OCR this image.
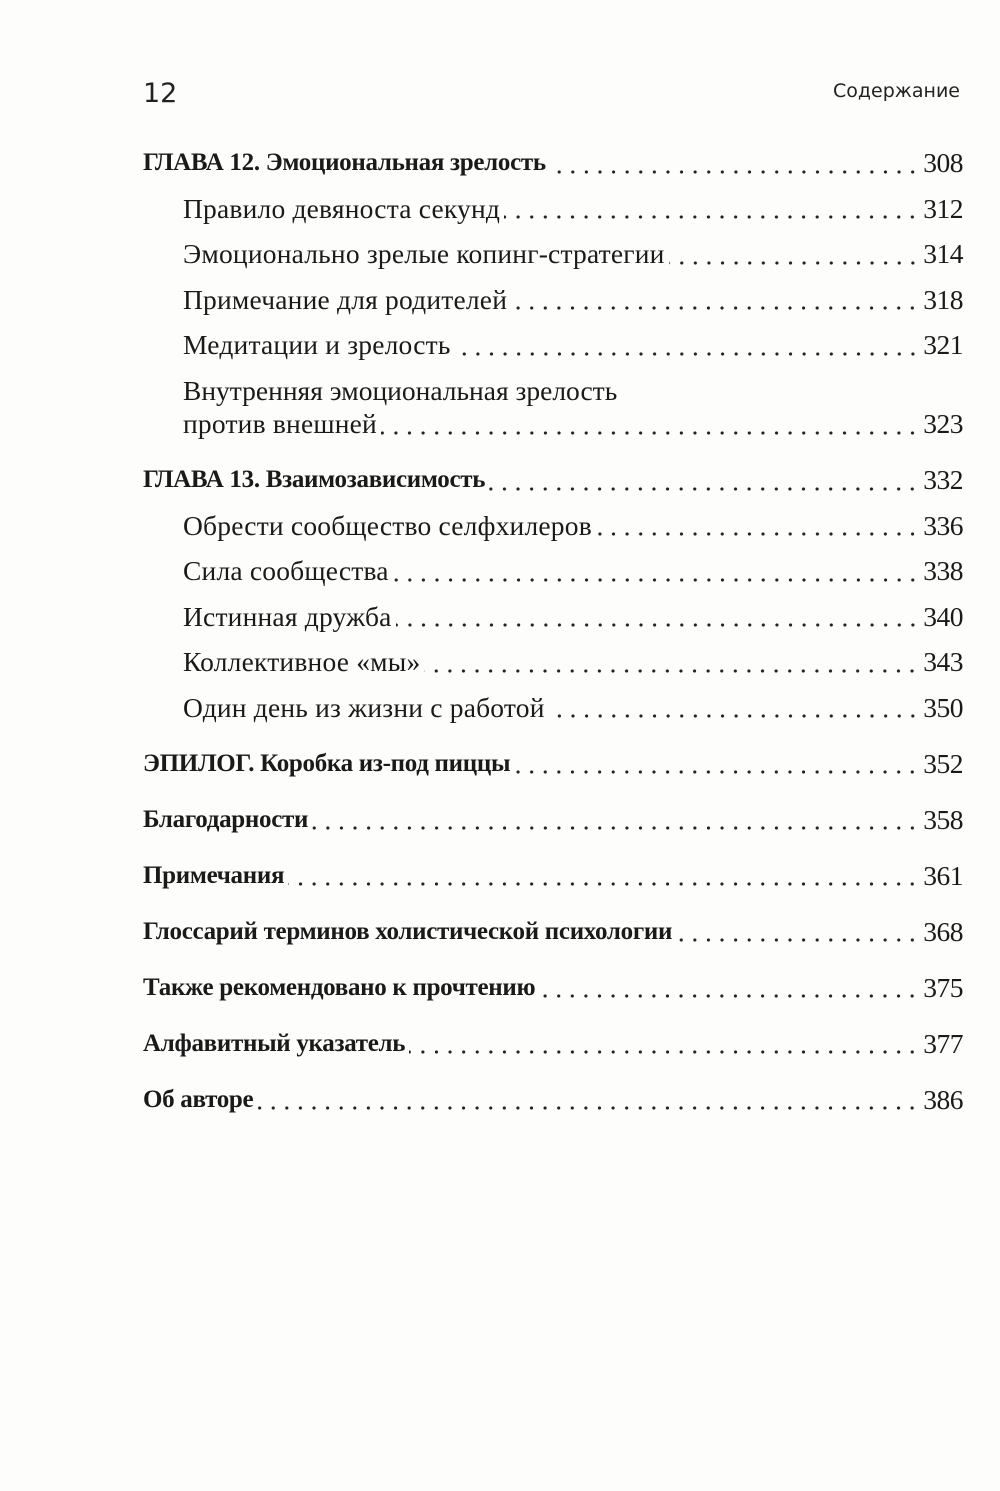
12	Содержание
ГЛАВА 12. Эмоциональная зрелость	308
Правило девяноста секунд	312
Эмоционально зрелые копинг-стратегии	314
Примечание для родителей	318
Медитации и зрелость	321
Внутренняя эмоциональная зрелость
против внешней	323
ГЛАВА 13. Взаимозависимость	332
Обрести сообщество селфхилеров	336
Сила сообщества	338
Истинная дружба	340
Коллективное «мы»	343
Один день из жизни с работой	350
ЭПИЛОГ. Коробка из-под пиццы	352
Благодарности	358
Примечания	361
Глоссарий терминов холистической психологии	368
Также рекомендовано к прочтению	375
Алфавитный указатель	377
Об авторе	386
